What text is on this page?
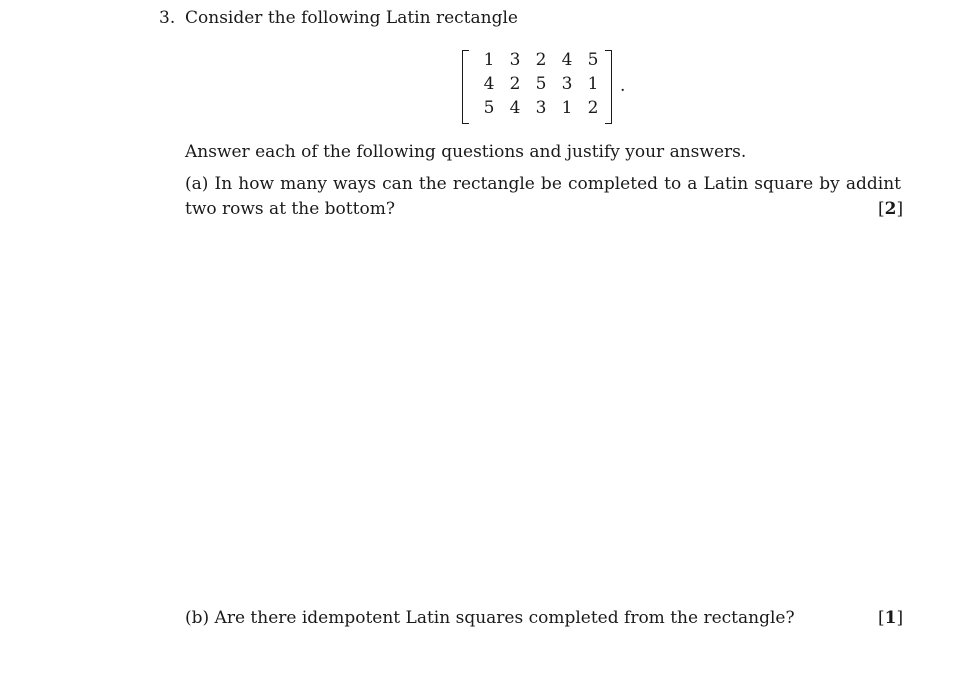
3. Consider the following Latin rectangle
1 3 2 4 5
4 2 5 3 1
5 4 3 1 2
.
Answer each of the following questions and justify your answers.
(a) In how many ways can the rectangle be completed to a Latin square by addint
two rows at the bottom?	[2]
(b) Are there idempotent Latin squares completed from the rectangle?	[1]
